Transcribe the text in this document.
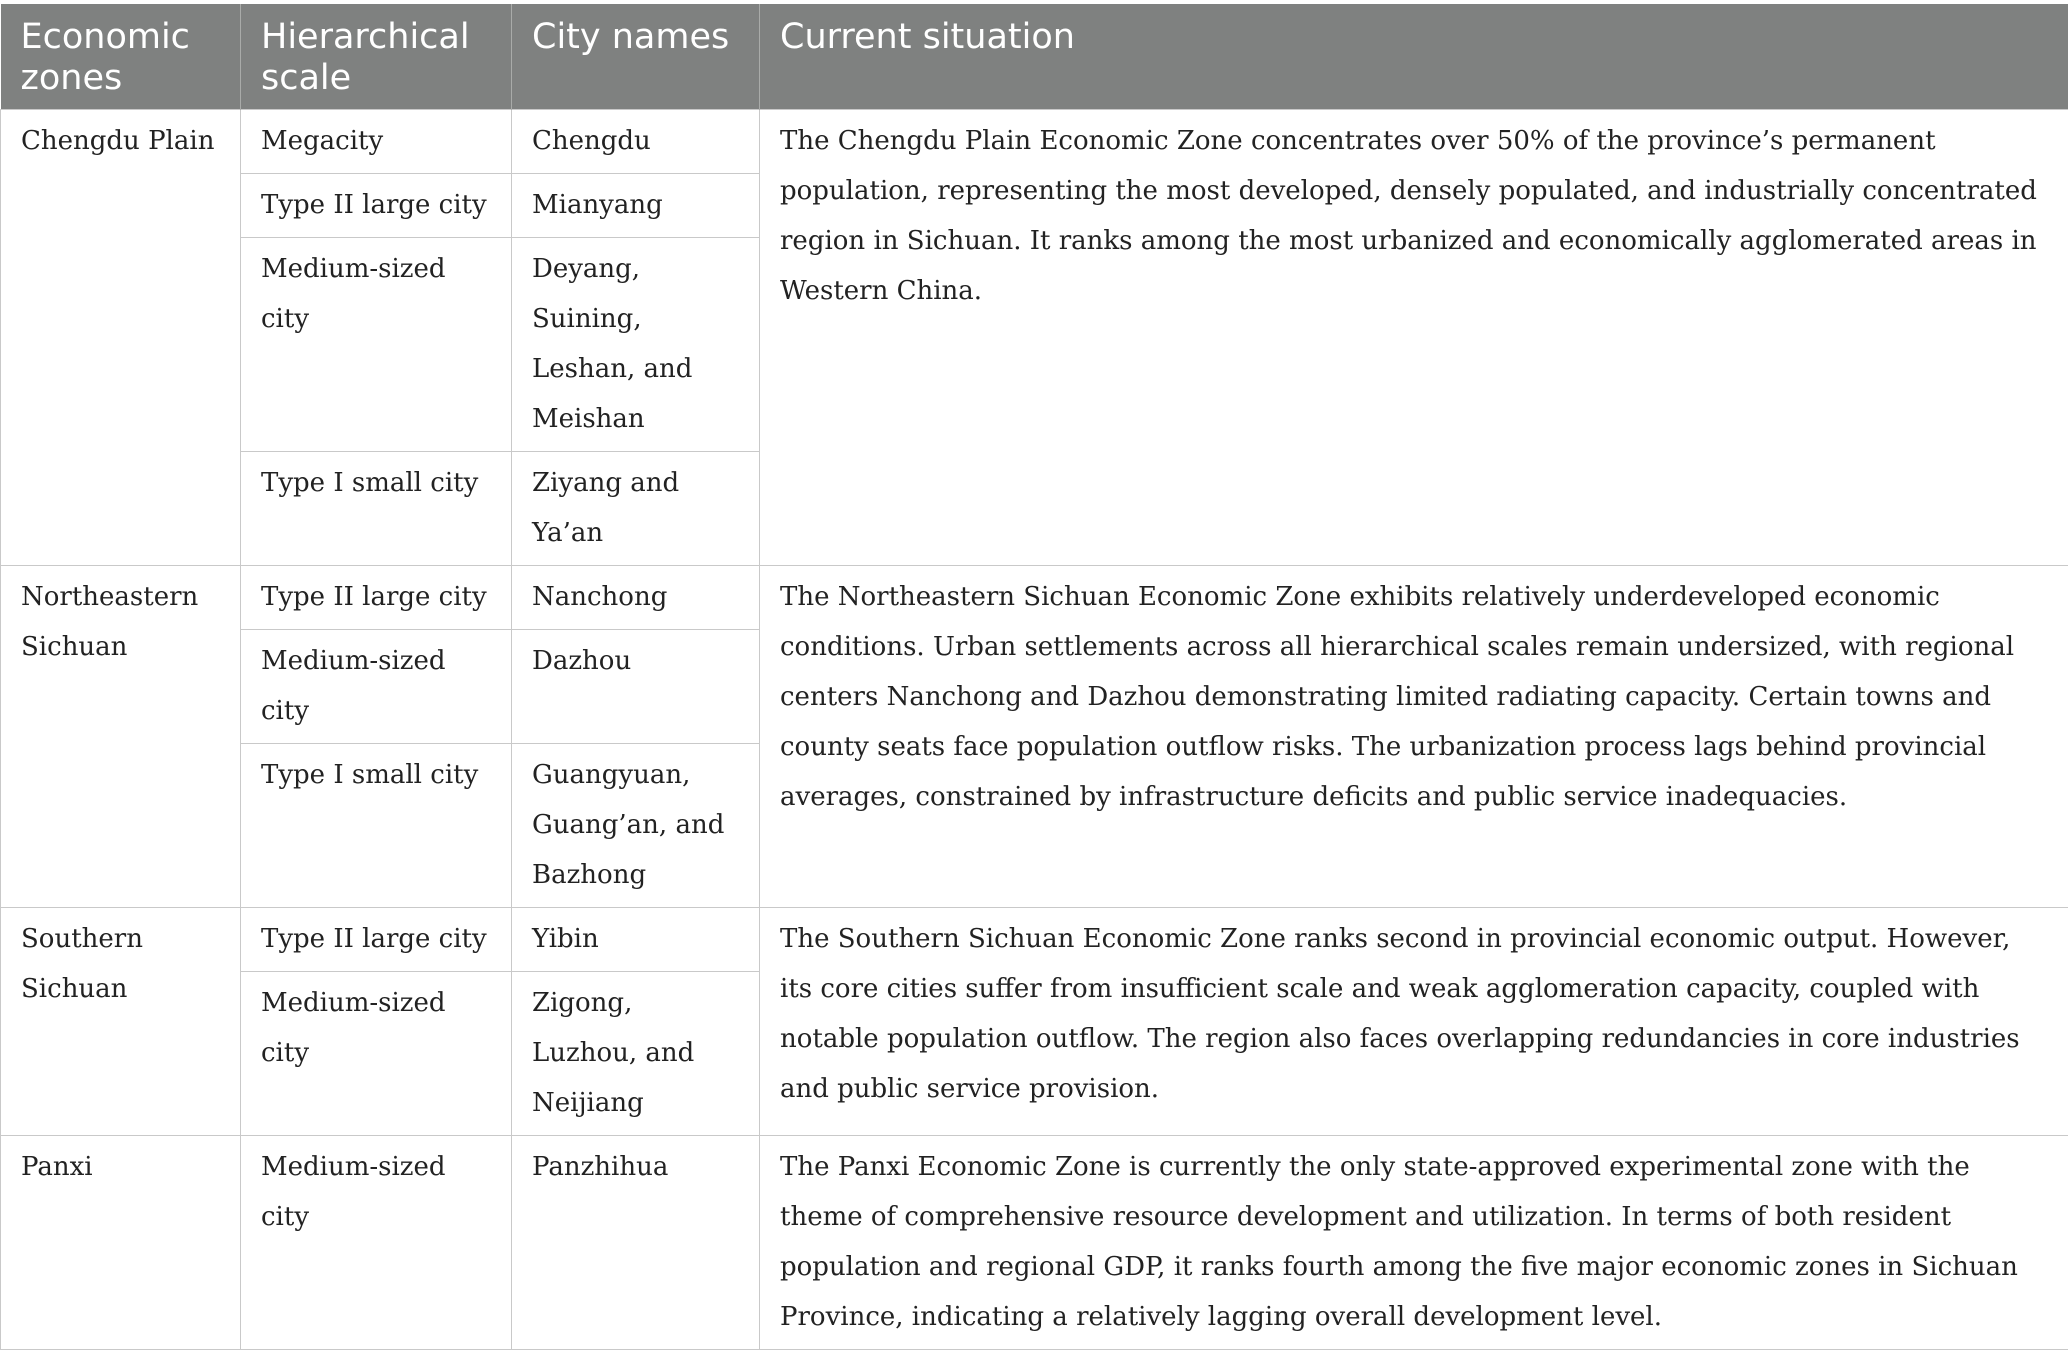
Economic zones	Hierarchical scale	City names	Current situation
Chengdu Plain	Megacity	Chengdu	The Chengdu Plain Economic Zone concentrates over 50% of the province’s permanent population, representing the most developed, densely populated, and industrially concentrated region in Sichuan. It ranks among the most urbanized and economically agglomerated areas in Western China.
	Type II large city	Mianyang	
	Medium-sized city	Deyang, Suining, Leshan, and Meishan	
	Type I small city	Ziyang and Ya’an	
Northeastern Sichuan	Type II large city	Nanchong	The Northeastern Sichuan Economic Zone exhibits relatively underdeveloped economic conditions. Urban settlements across all hierarchical scales remain undersized, with regional centers Nanchong and Dazhou demonstrating limited radiating capacity. Certain towns and county seats face population outflow risks. The urbanization process lags behind provincial averages, constrained by infrastructure deficits and public service inadequacies.
	Medium-sized city	Dazhou	
	Type I small city	Guangyuan, Guang’an, and Bazhong	
Southern Sichuan	Type II large city	Yibin	The Southern Sichuan Economic Zone ranks second in provincial economic output. However, its core cities suffer from insufficient scale and weak agglomeration capacity, coupled with notable population outflow. The region also faces overlapping redundancies in core industries and public service provision.
	Medium-sized city	Zigong, Luzhou, and Neijiang	
Panxi	Medium-sized city	Panzhihua	The Panxi Economic Zone is currently the only state-approved experimental zone with the theme of comprehensive resource development and utilization. In terms of both resident population and regional GDP, it ranks fourth among the five major economic zones in Sichuan Province, indicating a relatively lagging overall development level.
